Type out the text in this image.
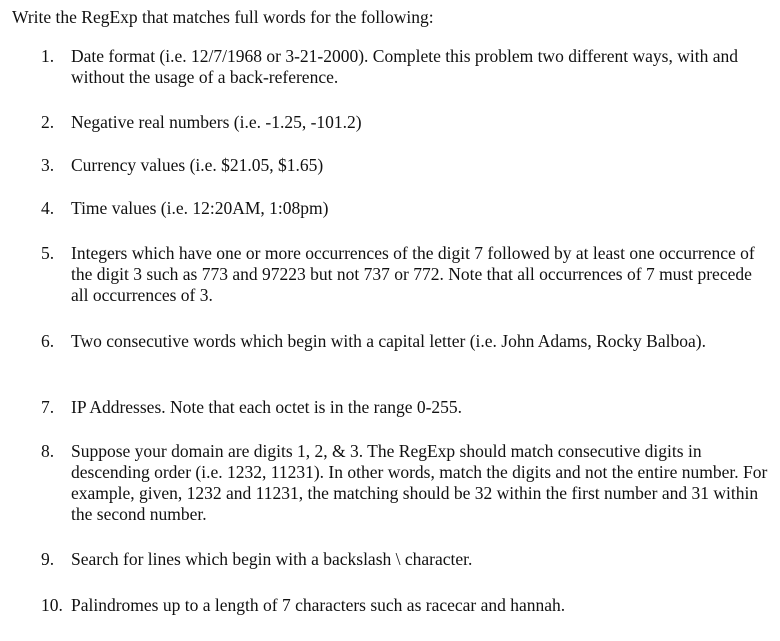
Write the RegExp that matches full words for the following:
1. Date format (i.e. 12/7/1968 or 3-21-2000). Complete this problem two different ways, with and without the usage of a back-reference.
2. Negative real numbers (i.e. -1.25, -101.2)
3. Currency values (i.e. $21.05, $1.65)
4. Time values (i.e. 12:20AM, 1:08pm)
5. Integers which have one or more occurrences of the digit 7 followed by at least one occurrence of the digit 3 such as 773 and 97223 but not 737 or 772. Note that all occurrences of 7 must precede all occurrences of 3.
6. Two consecutive words which begin with a capital letter (i.e. John Adams, Rocky Balboa).
7. IP Addresses. Note that each octet is in the range 0-255.
8. Suppose your domain are digits 1, 2, & 3. The RegExp should match consecutive digits in descending order (i.e. 1232, 11231). In other words, match the digits and not the entire number. For example, given, 1232 and 11231, the matching should be 32 within the first number and 31 within the second number.
9. Search for lines which begin with a backslash \ character.
10. Palindromes up to a length of 7 characters such as racecar and hannah.
